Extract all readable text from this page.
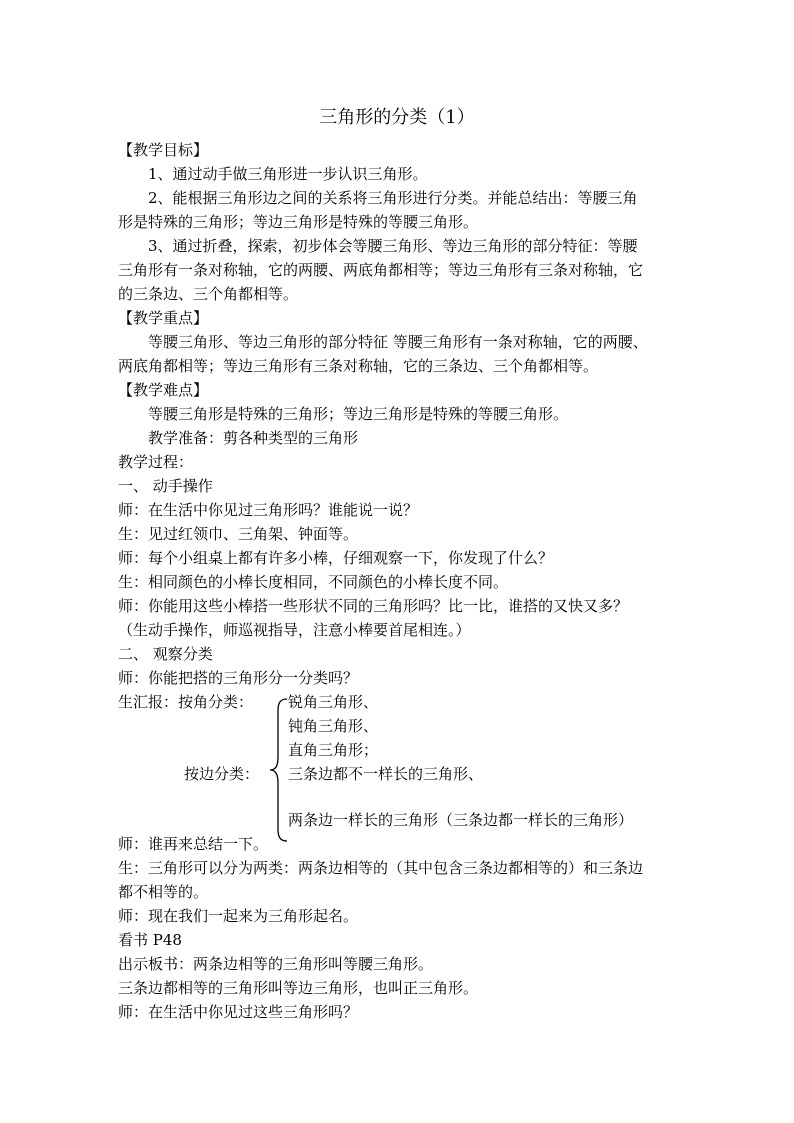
三角形的分类（1）
【教学目标】
1、通过动手做三角形进一步认识三角形。
2、能根据三角形边之间的关系将三角形进行分类。并能总结出：等腰三角
形是特殊的三角形；等边三角形是特殊的等腰三角形。
3、通过折叠，探索，初步体会等腰三角形、等边三角形的部分特征：等腰
三角形有一条对称轴，它的两腰、两底角都相等；等边三角形有三条对称轴，它
的三条边、三个角都相等。
【教学重点】
等腰三角形、等边三角形的部分特征 等腰三角形有一条对称轴，它的两腰、
两底角都相等；等边三角形有三条对称轴，它的三条边、三个角都相等。
【教学难点】
等腰三角形是特殊的三角形；等边三角形是特殊的等腰三角形。
教学准备：剪各种类型的三角形
教学过程：
一、 动手操作
师：在生活中你见过三角形吗？谁能说一说？
生：见过红领巾、三角架、钟面等。
师：每个小组桌上都有许多小棒，仔细观察一下，你发现了什么？
生：相同颜色的小棒长度相同，不同颜色的小棒长度不同。
师：你能用这些小棒搭一些形状不同的三角形吗？比一比，谁搭的又快又多？
（生动手操作，师巡视指导，注意小棒要首尾相连。）
二、 观察分类
师：你能把搭的三角形分一分类吗？
生汇报：按角分类：	锐角三角形、
钝角三角形、
直角三角形；
按边分类：	三条边都不一样长的三角形、
两条边一样长的三角形（三条边都一样长的三角形）
师：谁再来总结一下。
生：三角形可以分为两类：两条边相等的（其中包含三条边都相等的）和三条边
都不相等的。
师：现在我们一起来为三角形起名。
看书 P48
出示板书：两条边相等的三角形叫等腰三角形。
三条边都相等的三角形叫等边三角形，也叫正三角形。
师：在生活中你见过这些三角形吗？
